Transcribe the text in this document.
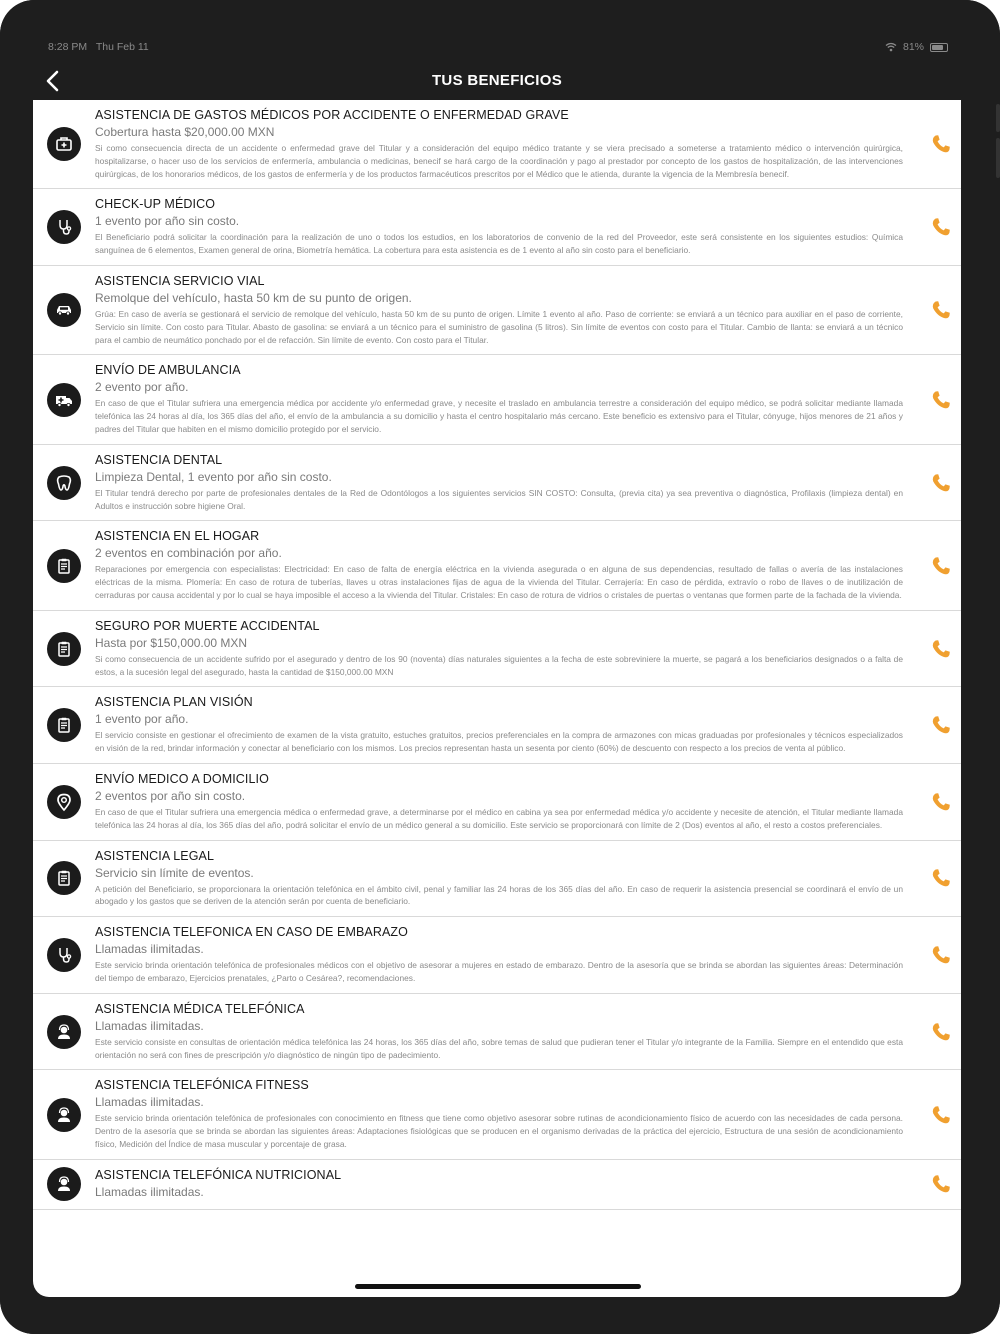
8:28 PM Thu Feb 11	81%
TUS BENEFICIOS
ASISTENCIA DE GASTOS MÉDICOS POR ACCIDENTE O ENFERMEDAD GRAVE
Cobertura hasta $20,000.00 MXN
Si como consecuencia directa de un accidente o enfermedad grave del Titular y a consideración del equipo médico tratante y se viera precisado a someterse a tratamiento médico o intervención quirúrgica, hospitalizarse, o hacer uso de los servicios de enfermería, ambulancia o medicinas, benecif se hará cargo de la coordinación y pago al prestador por concepto de los gastos de hospitalización, de las intervenciones quirúrgicas, de los honorarios médicos, de los gastos de enfermería y de los productos farmacéuticos prescritos por el Médico que le atienda, durante la vigencia de la Membresía benecif.
CHECK-UP MÉDICO
1 evento por año sin costo.
El Beneficiario podrá solicitar la coordinación para la realización de uno o todos los estudios, en los laboratorios de convenio de la red del Proveedor, este será consistente en los siguientes estudios: Química sanguínea de 6 elementos, Examen general de orina, Biometría hemática. La cobertura para esta asistencia es de 1 evento al año sin costo para el beneficiario.
ASISTENCIA SERVICIO VIAL
Remolque del vehículo, hasta 50 km de su punto de origen.
Grúa: En caso de avería se gestionará el servicio de remolque del vehículo, hasta 50 km de su punto de origen. Límite 1 evento al año. Paso de corriente: se enviará a un técnico para auxiliar en el paso de corriente, Servicio sin límite. Con costo para Titular. Abasto de gasolina: se enviará a un técnico para el suministro de gasolina (5 litros). Sin límite de eventos con costo para el Titular. Cambio de llanta: se enviará a un técnico para el cambio de neumático ponchado por el de refacción. Sin límite de evento. Con costo para el Titular.
ENVÍO DE AMBULANCIA
2 evento por año.
En caso de que el Titular sufriera una emergencia médica por accidente y/o enfermedad grave, y necesite el traslado en ambulancia terrestre a consideración del equipo médico, se podrá solicitar mediante llamada telefónica las 24 horas al día, los 365 días del año, el envío de la ambulancia a su domicilio y hasta el centro hospitalario más cercano. Este beneficio es extensivo para el Titular, cónyuge, hijos menores de 21 años y padres del Titular que habiten en el mismo domicilio protegido por el servicio.
ASISTENCIA DENTAL
Limpieza Dental, 1 evento por año sin costo.
El Titular tendrá derecho por parte de profesionales dentales de la Red de Odontólogos a los siguientes servicios SIN COSTO: Consulta, (previa cita) ya sea preventiva o diagnóstica, Profilaxis (limpieza dental) en Adultos e instrucción sobre higiene Oral.
ASISTENCIA EN EL HOGAR
2 eventos en combinación por año.
Reparaciones por emergencia con especialistas: Electricidad: En caso de falta de energía eléctrica en la vivienda asegurada o en alguna de sus dependencias, resultado de fallas o avería de las instalaciones eléctricas de la misma. Plomería: En caso de rotura de tuberías, llaves u otras instalaciones fijas de agua de la vivienda del Titular. Cerrajería: En caso de pérdida, extravío o robo de llaves o de inutilización de cerraduras por causa accidental y por lo cual se haya imposible el acceso a la vivienda del Titular. Cristales: En caso de rotura de vidrios o cristales de puertas o ventanas que formen parte de la fachada de la vivienda.
SEGURO POR MUERTE ACCIDENTAL
Hasta por $150,000.00 MXN
Si como consecuencia de un accidente sufrido por el asegurado y dentro de los 90 (noventa) días naturales siguientes a la fecha de este sobreviniere la muerte, se pagará a los beneficiarios designados o a falta de estos, a la sucesión legal del asegurado, hasta la cantidad de $150,000.00 MXN
ASISTENCIA PLAN VISIÓN
1 evento por año.
El servicio consiste en gestionar el ofrecimiento de examen de la vista gratuito, estuches gratuitos, precios preferenciales en la compra de armazones con micas graduadas por profesionales y técnicos especializados en visión de la red, brindar información y conectar al beneficiario con los mismos. Los precios representan hasta un sesenta por ciento (60%) de descuento con respecto a los precios de venta al público.
ENVÍO MEDICO A DOMICILIO
2 eventos por año sin costo.
En caso de que el Titular sufriera una emergencia médica o enfermedad grave, a determinarse por el médico en cabina ya sea por enfermedad médica y/o accidente y necesite de atención, el Titular mediante llamada telefónica las 24 horas al día, los 365 días del año, podrá solicitar el envío de un médico general a su domicilio. Este servicio se proporcionará con límite de 2 (Dos) eventos al año, el resto a costos preferenciales.
ASISTENCIA LEGAL
Servicio sin límite de eventos.
A petición del Beneficiario, se proporcionara la orientación telefónica en el ámbito civil, penal y familiar las 24 horas de los 365 días del año. En caso de requerir la asistencia presencial se coordinará el envío de un abogado y los gastos que se deriven de la atención serán por cuenta de beneficiario.
ASISTENCIA TELEFONICA EN CASO DE EMBARAZO
Llamadas ilimitadas.
Este servicio brinda orientación telefónica de profesionales médicos con el objetivo de asesorar a mujeres en estado de embarazo. Dentro de la asesoría que se brinda se abordan las siguientes áreas: Determinación del tiempo de embarazo, Ejercicios prenatales, ¿Parto o Cesárea?, recomendaciones.
ASISTENCIA MÉDICA TELEFÓNICA
Llamadas ilimitadas.
Este servicio consiste en consultas de orientación médica telefónica las 24 horas, los 365 días del año, sobre temas de salud que pudieran tener el Titular y/o integrante de la Familia. Siempre en el entendido que esta orientación no será con fines de prescripción y/o diagnóstico de ningún tipo de padecimiento.
ASISTENCIA TELEFÓNICA FITNESS
Llamadas ilimitadas.
Este servicio brinda orientación telefónica de profesionales con conocimiento en fitness que tiene como objetivo asesorar sobre rutinas de acondicionamiento físico de acuerdo con las necesidades de cada persona. Dentro de la asesoría que se brinda se abordan las siguientes áreas: Adaptaciones fisiológicas que se producen en el organismo derivadas de la práctica del ejercicio, Estructura de una sesión de acondicionamiento físico, Medición del Índice de masa muscular y porcentaje de grasa.
ASISTENCIA TELEFÓNICA NUTRICIONAL
Llamadas ilimitadas.
